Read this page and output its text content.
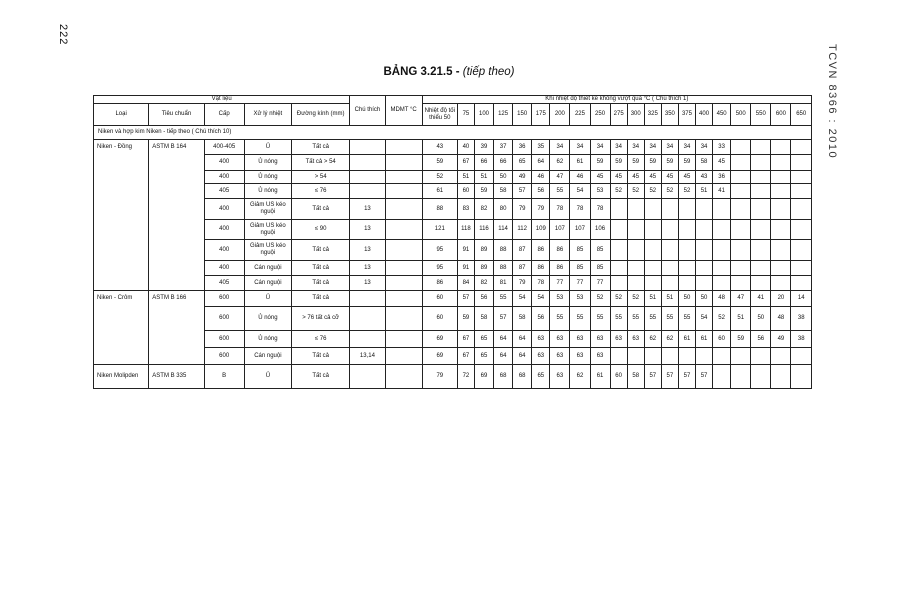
222
TCVN 8366 : 2010
BẢNG 3.21.5 - (tiếp theo)
Vật liệu					Chú thích	MDMT °C	Khi nhiệt độ thiết kế không vượt quá °C ( Chú thích 1)																			
Loại	Tiêu chuẩn	Cấp	Xử lý nhiệt	Đường kính (mm)			Nhiệt độ tối thiểu 50	75	100	125	150	175	200	225	250	275	300	325	350	375	400	450	500	550	600	650
Niken và hợp kim Niken - tiếp theo ( Chú thích 10)																										
Niken - Đồng	ASTM B 164	400-405	Ủ	Tất cả			43	40	39	37	36	35	34	34	34	34	34	34	34	34	34	33				
		400	Ủ nóng	Tất cả > 54			59	67	66	66	65	64	62	61	59	59	59	59	59	59	58	45				
		400	Ủ nóng	> 54			52	51	51	50	49	46	47	46	45	45	45	45	45	45	43	36				
		405	Ủ nóng	≤ 76			61	60	59	58	57	56	55	54	53	52	52	52	52	52	51	41				
		400	Giảm US kéo nguội	Tất cả	13		88	83	82	80	79	79	78	78	78											
		400	Giảm US kéo nguội	≤ 90	13		121	118	116	114	112	109	107	107	106											
		400	Giảm US kéo nguội	Tất cả	13		95	91	89	88	87	86	86	85	85											
		400	Cán nguội	Tất cả	13		95	91	89	88	87	86	86	85	85											
		405	Cán nguội	Tất cả	13		86	84	82	81	79	78	77	77	77											
Niken - Crôm	ASTM B 166	600	Ủ	Tất cả			60	57	56	55	54	54	53	53	52	52	52	51	51	50	50	48	47	41	20	14
		600	Ủ nóng	> 76 tất cả cỡ			60	59	58	57	58	56	55	55	55	55	55	55	55	55	54	52	51	50	48	38
		600	Ủ nóng	≤ 76			69	67	65	64	64	63	63	63	63	63	63	62	62	61	61	60	59	56	49	38
		600	Cán nguội	Tất cả	13,14		69	67	65	64	64	63	63	63	63											
Niken Molipden	ASTM B 335	B	Ủ	Tất cả			79	72	69	68	68	65	63	62	61	60	58	57	57	57	57					
